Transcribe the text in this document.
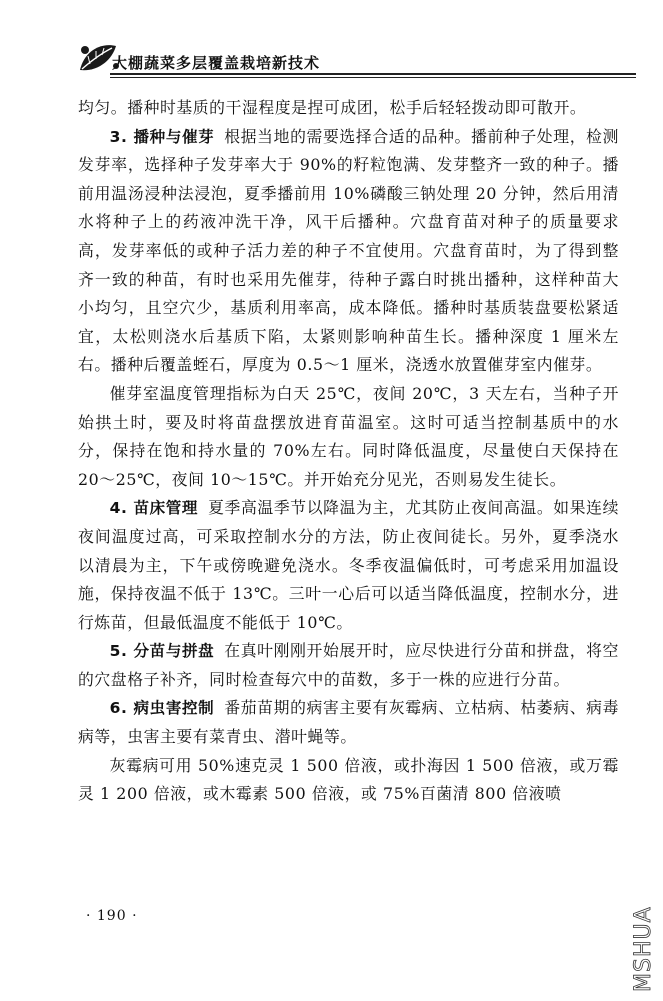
大棚蔬菜多层覆盖栽培新技术

均匀。播种时基质的干湿程度是捏可成团，松手后轻轻拨动即可散开。

3. 播种与催芽 根据当地的需要选择合适的品种。播前种子处理，检测发芽率，选择种子发芽率大于 90%的籽粒饱满、发芽整齐一致的种子。播前用温汤浸种法浸泡，夏季播前用 10%磷酸三钠处理 20 分钟，然后用清水将种子上的药液冲洗干净，风干后播种。穴盘育苗对种子的质量要求高，发芽率低的或种子活力差的种子不宜使用。穴盘育苗时，为了得到整齐一致的种苗，有时也采用先催芽，待种子露白时挑出播种，这样种苗大小均匀，且空穴少，基质利用率高，成本降低。播种时基质装盘要松紧适宜，太松则浇水后基质下陷，太紧则影响种苗生长。播种深度 1 厘米左右。播种后覆盖蛭石，厚度为 0.5～1 厘米，浇透水放置催芽室内催芽。

催芽室温度管理指标为白天 25℃，夜间 20℃，3 天左右，当种子开始拱土时，要及时将苗盘摆放进育苗温室。这时可适当控制基质中的水分，保持在饱和持水量的 70%左右。同时降低温度，尽量使白天保持在 20～25℃，夜间 10～15℃。并开始充分见光，否则易发生徒长。

4. 苗床管理 夏季高温季节以降温为主，尤其防止夜间高温。如果连续夜间温度过高，可采取控制水分的方法，防止夜间徒长。另外，夏季浇水以清晨为主，下午或傍晚避免浇水。冬季夜温偏低时，可考虑采用加温设施，保持夜温不低于 13℃。三叶一心后可以适当降低温度，控制水分，进行炼苗，但最低温度不能低于 10℃。

5. 分苗与拼盘 在真叶刚刚开始展开时，应尽快进行分苗和拼盘，将空的穴盘格子补齐，同时检查每穴中的苗数，多于一株的应进行分苗。

6. 病虫害控制 番茄苗期的病害主要有灰霉病、立枯病、枯萎病、病毒病等，虫害主要有菜青虫、潜叶蝇等。

灰霉病可用 50%速克灵 1 500 倍液，或扑海因 1 500 倍液，或万霉灵 1 200 倍液，或木霉素 500 倍液，或 75%百菌清 800 倍液喷

· 190 ·	MSHUA
